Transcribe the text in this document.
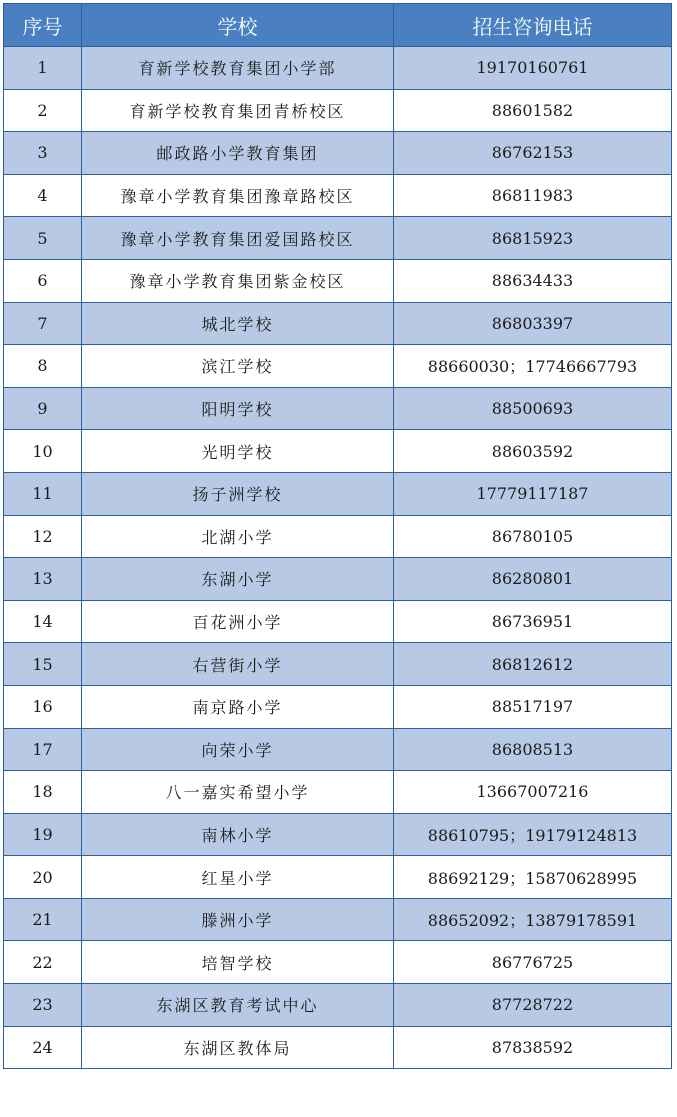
序号	学校	招生咨询电话
1	育新学校教育集团小学部	19170160761
2	育新学校教育集团青桥校区	88601582
3	邮政路小学教育集团	86762153
4	豫章小学教育集团豫章路校区	86811983
5	豫章小学教育集团爱国路校区	86815923
6	豫章小学教育集团紫金校区	88634433
7	城北学校	86803397
8	滨江学校	88660030；17746667793
9	阳明学校	88500693
10	光明学校	88603592
11	扬子洲学校	17779117187
12	北湖小学	86780105
13	东湖小学	86280801
14	百花洲小学	86736951
15	右营街小学	86812612
16	南京路小学	88517197
17	向荣小学	86808513
18	八一嘉实希望小学	13667007216
19	南林小学	88610795；19179124813
20	红星小学	88692129；15870628995
21	滕洲小学	88652092；13879178591
22	培智学校	86776725
23	东湖区教育考试中心	87728722
24	东湖区教体局	87838592
